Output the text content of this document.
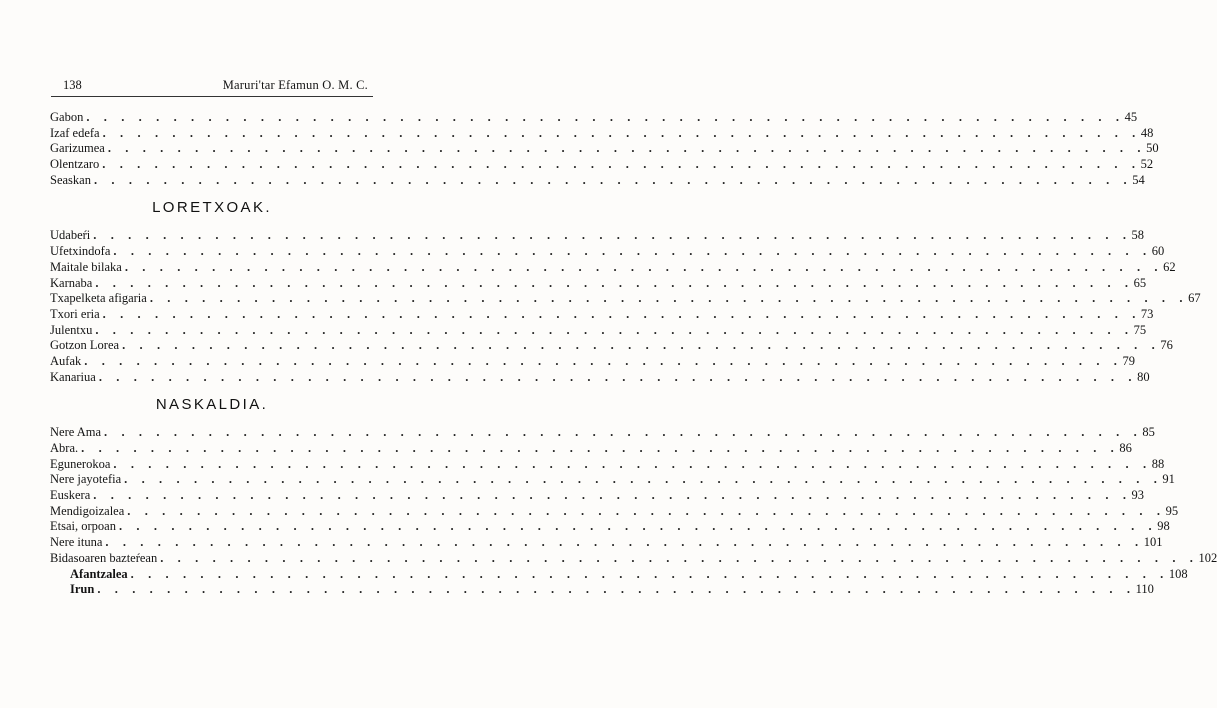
138	Maruri'tar Efamun O. M. C.
Gabon . . . . . . . . . . . . . . . . . . . . . . . . . . . . . . . . . . . . . . . . . . . . . . . . . . . . . . . . . . . . 45
Izaf edefa . . . . . . . . . . . . . . . . . . . . . . . . . . . . . . . . . . . . . . . . . . . . . . . . . . . . . . . . . . . . 48
Garizumea . . . . . . . . . . . . . . . . . . . . . . . . . . . . . . . . . . . . . . . . . . . . . . . . . . . . . . . . . . . . 50
Olentzaro . . . . . . . . . . . . . . . . . . . . . . . . . . . . . . . . . . . . . . . . . . . . . . . . . . . . . . . . . . . . 52
Seaskan . . . . . . . . . . . . . . . . . . . . . . . . . . . . . . . . . . . . . . . . . . . . . . . . . . . . . . . . . . . . 54
LORETXOAK.
Udabeŕi . . . . . . . . . . . . . . . . . . . . . . . . . . . . . . . . . . . . . . . . . . . . . . . . . . . . . . . . . . . . 58
Ufetxindofa . . . . . . . . . . . . . . . . . . . . . . . . . . . . . . . . . . . . . . . . . . . . . . . . . . . . . . . . . . . . 60
Maitale bilaka . . . . . . . . . . . . . . . . . . . . . . . . . . . . . . . . . . . . . . . . . . . . . . . . . . . . . . . . . . . . 62
Karnaba . . . . . . . . . . . . . . . . . . . . . . . . . . . . . . . . . . . . . . . . . . . . . . . . . . . . . . . . . . . . 65
Txapelketa afigaria . . . . . . . . . . . . . . . . . . . . . . . . . . . . . . . . . . . . . . . . . . . . . . . . . . . . . . . . . . . . 67
Txori eria . . . . . . . . . . . . . . . . . . . . . . . . . . . . . . . . . . . . . . . . . . . . . . . . . . . . . . . . . . . . 73
Julentxu . . . . . . . . . . . . . . . . . . . . . . . . . . . . . . . . . . . . . . . . . . . . . . . . . . . . . . . . . . . . 75
Gotzon Lorea . . . . . . . . . . . . . . . . . . . . . . . . . . . . . . . . . . . . . . . . . . . . . . . . . . . . . . . . . . . . 76
Aufak . . . . . . . . . . . . . . . . . . . . . . . . . . . . . . . . . . . . . . . . . . . . . . . . . . . . . . . . . . . . 79
Kanariua . . . . . . . . . . . . . . . . . . . . . . . . . . . . . . . . . . . . . . . . . . . . . . . . . . . . . . . . . . . . 80
NASKALDIA.
Nere Ama . . . . . . . . . . . . . . . . . . . . . . . . . . . . . . . . . . . . . . . . . . . . . . . . . . . . . . . . . . . . 85
Abra. . . . . . . . . . . . . . . . . . . . . . . . . . . . . . . . . . . . . . . . . . . . . . . . . . . . . . . . . . . . . 86
Egunerokoa . . . . . . . . . . . . . . . . . . . . . . . . . . . . . . . . . . . . . . . . . . . . . . . . . . . . . . . . . . . . 88
Nere jayotefia . . . . . . . . . . . . . . . . . . . . . . . . . . . . . . . . . . . . . . . . . . . . . . . . . . . . . . . . . . . . 91
Euskera . . . . . . . . . . . . . . . . . . . . . . . . . . . . . . . . . . . . . . . . . . . . . . . . . . . . . . . . . . . . 93
Mendigoizalea . . . . . . . . . . . . . . . . . . . . . . . . . . . . . . . . . . . . . . . . . . . . . . . . . . . . . . . . . . . . 95
Etsai, orpoan . . . . . . . . . . . . . . . . . . . . . . . . . . . . . . . . . . . . . . . . . . . . . . . . . . . . . . . . . . . . 98
Nere ituna . . . . . . . . . . . . . . . . . . . . . . . . . . . . . . . . . . . . . . . . . . . . . . . . . . . . . . . . . . . . 101
Bidasoaren bazteŕean . . . . . . . . . . . . . . . . . . . . . . . . . . . . . . . . . . . . . . . . . . . . . . . . . . . . . . . . . . . . 102
Afantzalea . . . . . . . . . . . . . . . . . . . . . . . . . . . . . . . . . . . . . . . . . . . . . . . . . . . . . . . . . . . . 108
Irun . . . . . . . . . . . . . . . . . . . . . . . . . . . . . . . . . . . . . . . . . . . . . . . . . . . . . . . . . . . . 110
